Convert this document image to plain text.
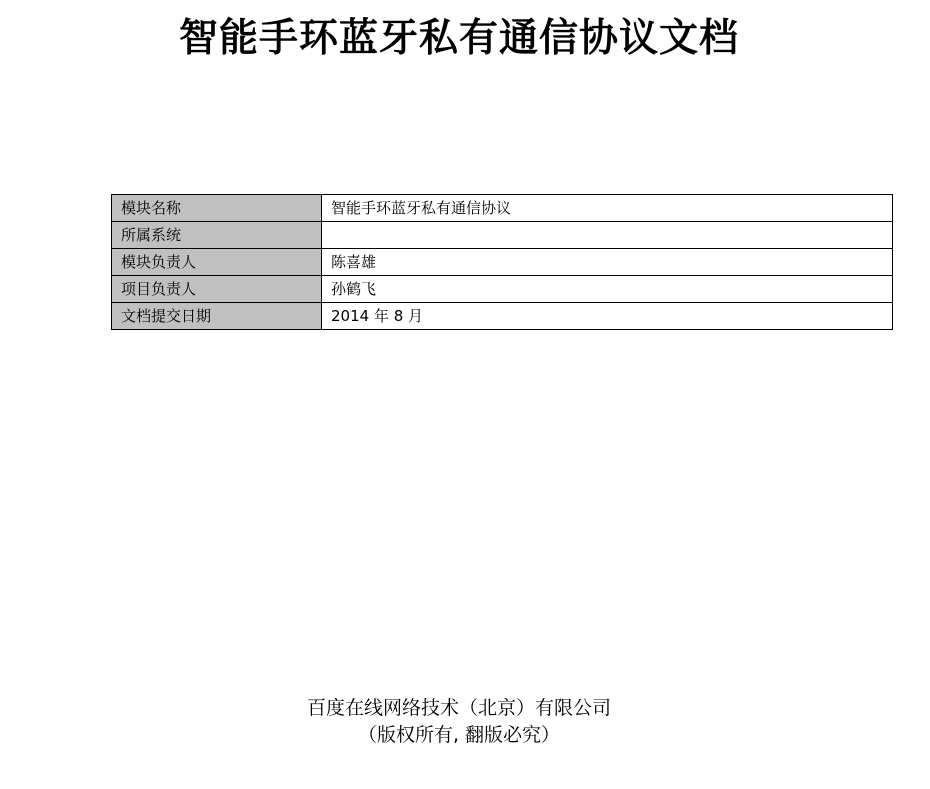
智能手环蓝牙私有通信协议文档
模块名称	智能手环蓝牙私有通信协议
所属系统	
模块负责人	陈喜雄
项目负责人	孙鹤飞
文档提交日期	2014 年 8 月
百度在线网络技术（北京）有限公司
（版权所有, 翻版必究）
